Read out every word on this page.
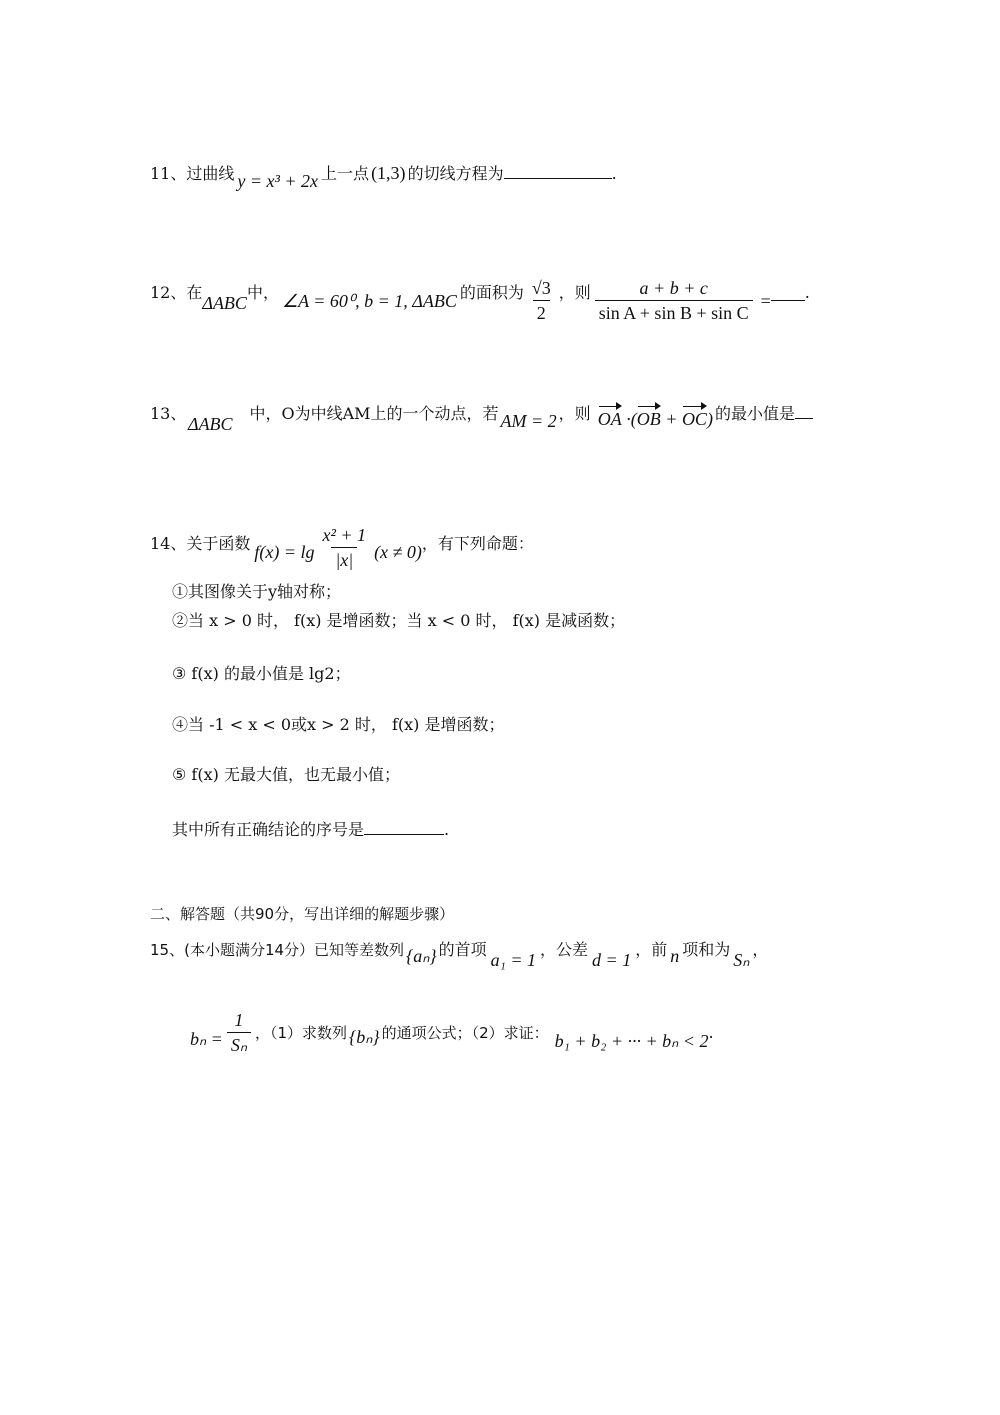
11、过曲线 y = x³ + 2x 上一点 (1,3) 的切线方程为	.
12、在
ΔABC
中， ∠A = 60⁰, b = 1, ΔABC 的面积为 $\frac{√3}{2}$ ，则 $\frac{a + b + c}{\text{sin A + sin B + sin C}}$ = .
13、
ΔABC
中，O为中线AM上的一个动点，若 AM = 2 ，则 OA ·(OB + OC) 的最小值是
14、关于函数 $f(x) = \lg \frac{\text{x² + 1}}{|x|} (x \ne 0)$ ，有下列命题：
①其图像关于y轴对称；
②当 x > 0 时， f(x) 是增函数；当 x < 0 时， f(x) 是减函数；
③ f(x) 的最小值是 lg2；
④当 -1 < x < 0或x > 2 时， f(x) 是增函数；
⑤ f(x) 无最大值，也无最小值；
其中所有正确结论的序号是	.
二、解答题（共90分，写出详细的解题步骤）
15、(本小题满分14分）已知等差数列 {aₙ} 的首项
a₁ = 1
，公差
d = 1
，前 n 项和为
Sₙ
，
$b_n = \frac{1}{\text{Sₙ}}$ ，（1）求数列 {bₙ} 的通项公式；（2）求证： b₁ + b₂ + ··· + bₙ < 2 .
